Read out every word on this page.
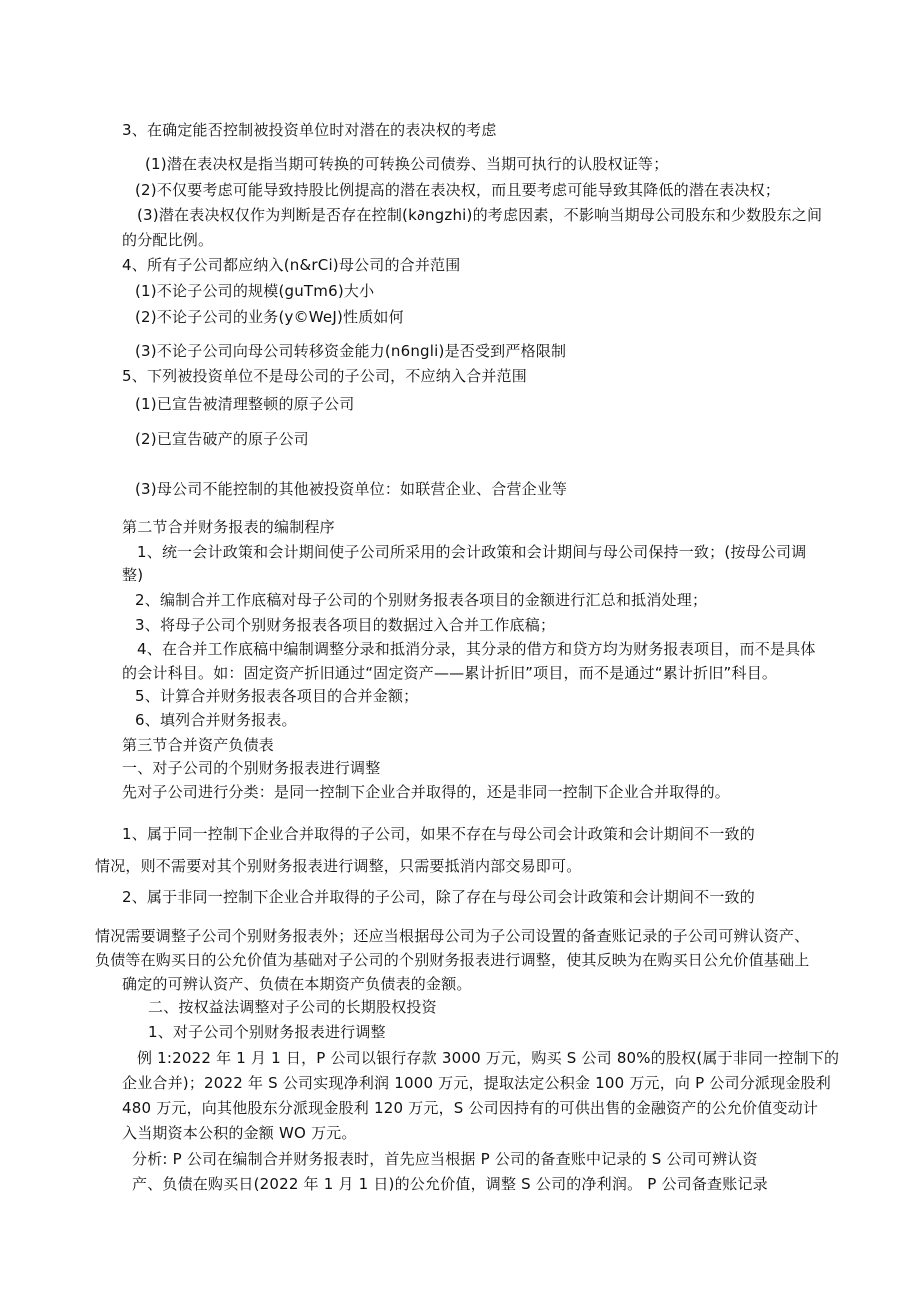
3、在确定能否控制被投资单位时对潜在的表决权的考虑
(1)潜在表决权是指当期可转换的可转换公司债券、当期可执行的认股权证等；
(2)不仅要考虑可能导致持股比例提高的潜在表决权，而且要考虑可能导致其降低的潜在表决权；
(3)潜在表决权仅作为判断是否存在控制(k∂ngzhi)的考虑因素，不影响当期母公司股东和少数股东之间
的分配比例。
4、所有子公司都应纳入(n&rCi)母公司的合并范围
(1)不论子公司的规模(guTm6)大小
(2)不论子公司的业务(y©WeJ)性质如何
(3)不论子公司向母公司转移资金能力(n6ngli)是否受到严格限制
5、下列被投资单位不是母公司的子公司，不应纳入合并范围
(1)已宣告被清理整顿的原子公司
(2)已宣告破产的原子公司
(3)母公司不能控制的其他被投资单位：如联营企业、合营企业等
第二节合并财务报表的编制程序
1、统一会计政策和会计期间使子公司所采用的会计政策和会计期间与母公司保持一致；(按母公司调
整)
2、编制合并工作底稿对母子公司的个别财务报表各项目的金额进行汇总和抵消处理；
3、将母子公司个别财务报表各项目的数据过入合并工作底稿；
4、在合并工作底稿中编制调整分录和抵消分录，其分录的借方和贷方均为财务报表项目，而不是具体
的会计科目。如：固定资产折旧通过“固定资产——累计折旧”项目，而不是通过“累计折旧”科目。
5、计算合并财务报表各项目的合并金额；
6、填列合并财务报表。
第三节合并资产负债表
一、对子公司的个别财务报表进行调整
先对子公司进行分类：是同一控制下企业合并取得的，还是非同一控制下企业合并取得的。
1、属于同一控制下企业合并取得的子公司，如果不存在与母公司会计政策和会计期间不一致的
情况，则不需要对其个别财务报表进行调整，只需要抵消内部交易即可。
2、属于非同一控制下企业合并取得的子公司，除了存在与母公司会计政策和会计期间不一致的
情况需要调整子公司个别财务报表外；还应当根据母公司为子公司设置的备查账记录的子公司可辨认资产、
负债等在购买日的公允价值为基础对子公司的个别财务报表进行调整，使其反映为在购买日公允价值基础上
确定的可辨认资产、负债在本期资产负债表的金额。
二、按权益法调整对子公司的长期股权投资
1、对子公司个别财务报表进行调整
例 1:2022 年 1 月 1 日，P 公司以银行存款 3000 万元，购买 S 公司 80%的股权(属于非同一控制下的
企业合并)；2022 年 S 公司实现净利润 1000 万元，提取法定公积金 100 万元，向 P 公司分派现金股利
480 万元，向其他股东分派现金股利 120 万元，S 公司因持有的可供出售的金融资产的公允价值变动计
入当期资本公积的金额 WO 万元。
分析: P 公司在编制合并财务报表时，首先应当根据 P 公司的备查账中记录的 S 公司可辨认资
产、负债在购买日(2022 年 1 月 1 日)的公允价值，调整 S 公司的净利润。 P 公司备查账记录
